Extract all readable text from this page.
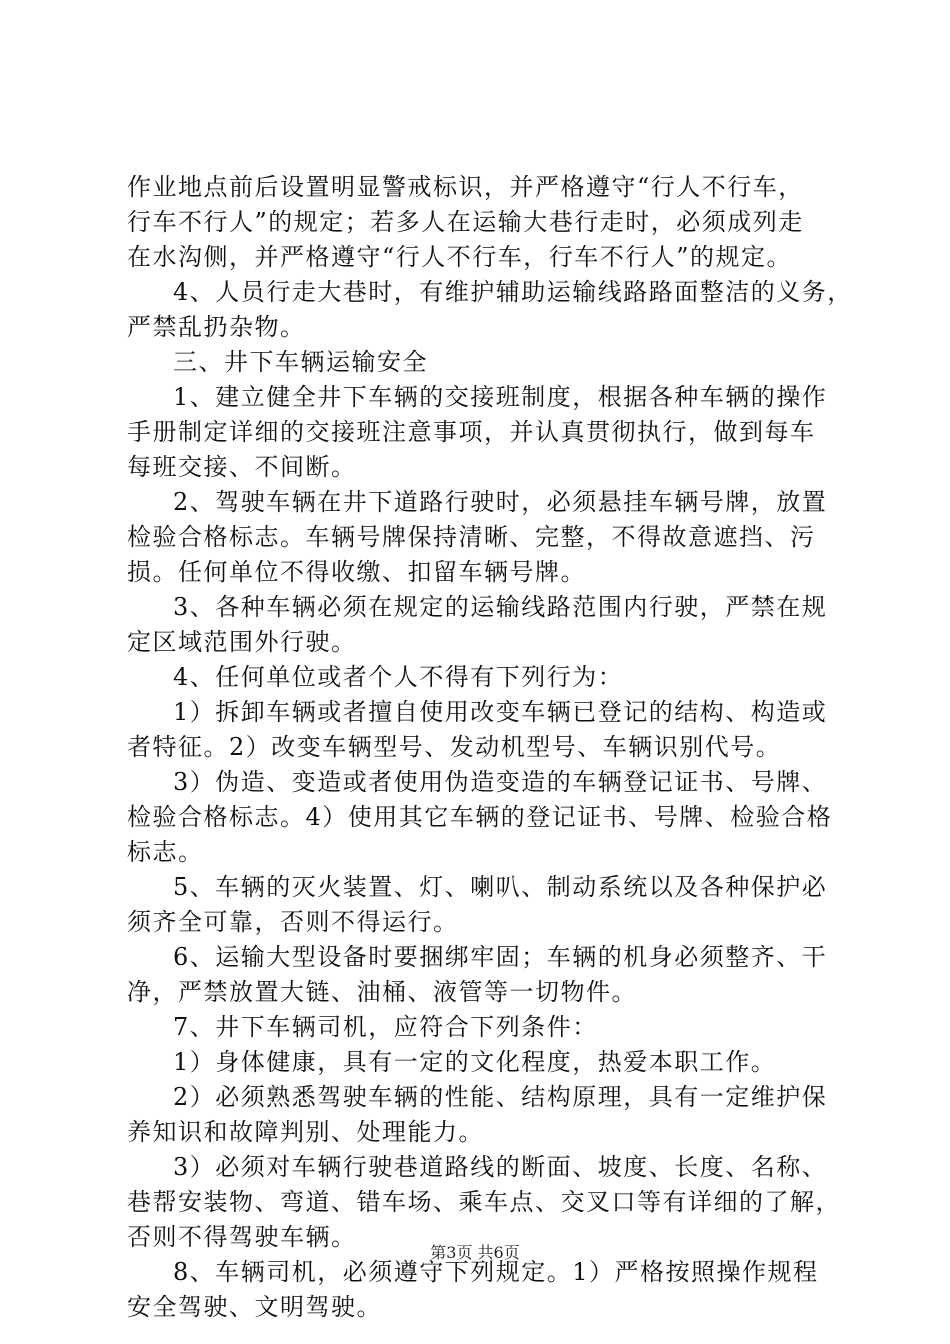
作业地点前后设置明显警戒标识，并严格遵守“行人不行车，
行车不行人”的规定；若多人在运输大巷行走时，必须成列走
在水沟侧，并严格遵守“行人不行车，行车不行人”的规定。
4、人员行走大巷时，有维护辅助运输线路路面整洁的义务，
严禁乱扔杂物。
三、井下车辆运输安全
1、建立健全井下车辆的交接班制度，根据各种车辆的操作
手册制定详细的交接班注意事项，并认真贯彻执行，做到每车
每班交接、不间断。
2、驾驶车辆在井下道路行驶时，必须悬挂车辆号牌，放置
检验合格标志。车辆号牌保持清晰、完整，不得故意遮挡、污
损。任何单位不得收缴、扣留车辆号牌。
3、各种车辆必须在规定的运输线路范围内行驶，严禁在规
定区域范围外行驶。
4、任何单位或者个人不得有下列行为：
1）拆卸车辆或者擅自使用改变车辆已登记的结构、构造或
者特征。2）改变车辆型号、发动机型号、车辆识别代号。
3）伪造、变造或者使用伪造变造的车辆登记证书、号牌、
检验合格标志。4）使用其它车辆的登记证书、号牌、检验合格
标志。
5、车辆的灭火装置、灯、喇叭、制动系统以及各种保护必
须齐全可靠，否则不得运行。
6、运输大型设备时要捆绑牢固；车辆的机身必须整齐、干
净，严禁放置大链、油桶、液管等一切物件。
7、井下车辆司机，应符合下列条件：
1）身体健康，具有一定的文化程度，热爱本职工作。
2）必须熟悉驾驶车辆的性能、结构原理，具有一定维护保
养知识和故障判别、处理能力。
3）必须对车辆行驶巷道路线的断面、坡度、长度、名称、
巷帮安装物、弯道、错车场、乘车点、交叉口等有详细的了解，
否则不得驾驶车辆。
8、车辆司机，必须遵守下列规定。1）严格按照操作规程
安全驾驶、文明驾驶。
第3页 共6页
